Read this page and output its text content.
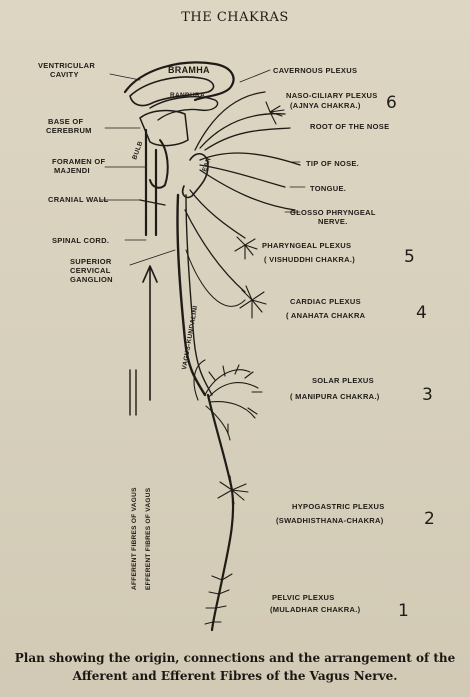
THE CHAKRAS
VENTRICULAR CAVITY	BRAMHA
RANDHRA
BASE OF CEREBRUM
BULB
FORAMEN OF MAJENDI
CRANIAL WALL
SPINAL CORD.
SUPERIOR CERVICAL GANGLION
EAR
VAGUS-KUNDALINI
AFFERENT FIBRES OF VAGUS EFFERENT FIBRES OF VAGUS
CAVERNOUS PLEXUS
NASO-CILIARY PLEXUS (AJNYA CHAKRA.)	6
ROOT OF THE NOSE
TIP OF NOSE.
TONGUE.
GLOSSO PHRYNGEAL NERVE.
PHARYNGEAL PLEXUS ( VISHUDDHI CHAKRA.)	5
CARDIAC PLEXUS ( ANAHATA CHAKRA	4
SOLAR PLEXUS ( MANIPURA CHAKRA.) 3
HYPOGASTRIC PLEXUS (SWADHISTHANA-CHAKRA) 2
PELVIC PLEXUS (MULADHAR CHAKRA.) 1
Plan showing the origin, connections and the arrangement of the Afferent and Efferent Fibres of the Vagus Nerve.
